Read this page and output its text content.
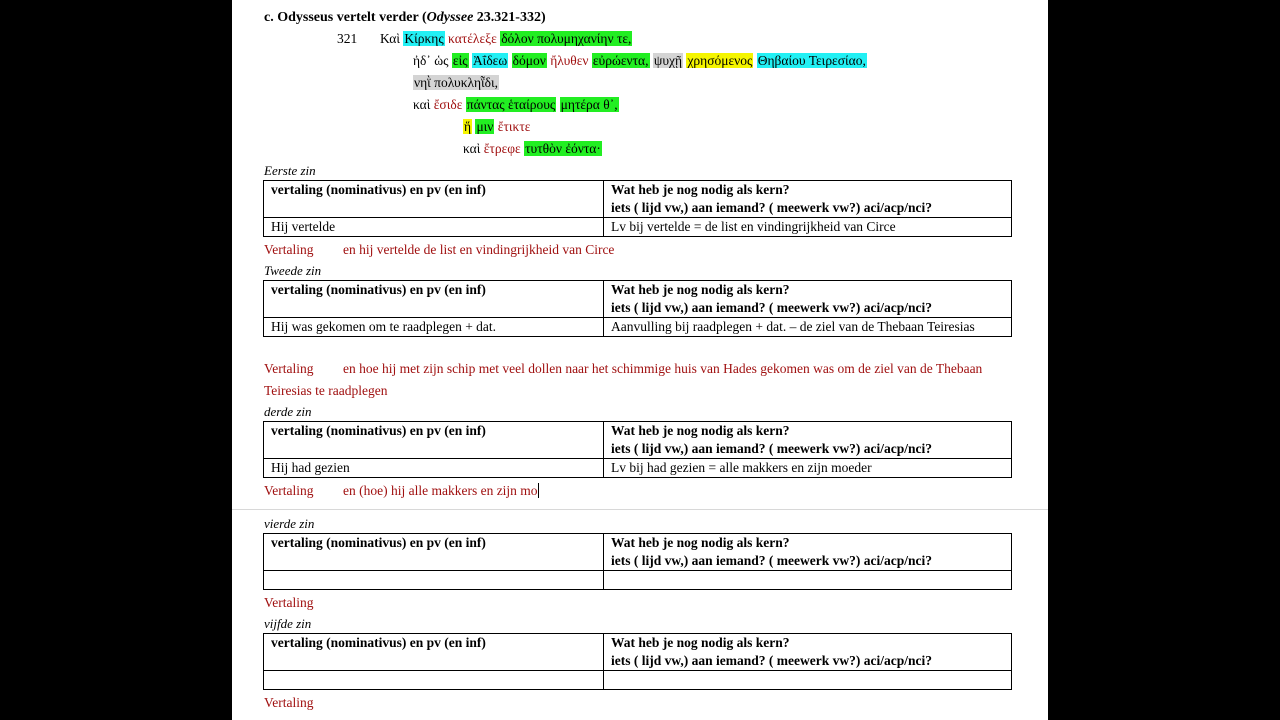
c. Odysseus vertelt verder (Odyssee 23.321-332)
321 Καὶ Κίρκης κατέλεξε δόλον πολυμηχανίην τε,
ἠδ᾽ ὡς εἰς Ἀΐδεω δόμον ἤλυθεν εὐρώεντα, ψυχῇ χρησόμενος Θηβαίου Τειρεσίαο,
νηῒ πολυκληῗδι,
καὶ ἔσιδε πάντας ἑταίρους μητέρα θ᾽,
ἥ μιν ἔτικτε
καὶ ἔτρεφε τυτθὸν ἐόντα·
Eerste zin
vertaling (nominativus) en pv (en inf)	Wat heb je nog nodig als kern?
iets ( lijd vw,) aan iemand? ( meewerk vw?) aci/acp/nci?

Hij vertelde	Lv bij vertelde = de list en vindingrijkheid van Circe
Vertaling en hij vertelde de list en vindingrijkheid van Circe
Tweede zin
vertaling (nominativus) en pv (en inf)	Wat heb je nog nodig als kern?
iets ( lijd vw,) aan iemand? ( meewerk vw?) aci/acp/nci?

Hij was gekomen om te raadplegen + dat.	Aanvulling bij raadplegen + dat. – de ziel van de Thebaan Teiresias
Vertaling en hoe hij met zijn schip met veel dollen naar het schimmige huis van Hades gekomen was om de ziel van de Thebaan Teiresias te raadplegen
derde zin
vertaling (nominativus) en pv (en inf)	Wat heb je nog nodig als kern?
iets ( lijd vw,) aan iemand? ( meewerk vw?) aci/acp/nci?

Hij had gezien	Lv bij had gezien = alle makkers en zijn moeder
Vertaling en (hoe) hij alle makkers en zijn mo
vierde zin
vertaling (nominativus) en pv (en inf)	Wat heb je nog nodig als kern?
iets ( lijd vw,) aan iemand? ( meewerk vw?) aci/acp/nci?

Vertaling
vijfde zin
vertaling (nominativus) en pv (en inf)	Wat heb je nog nodig als kern?
iets ( lijd vw,) aan iemand? ( meewerk vw?) aci/acp/nci?

Vertaling
